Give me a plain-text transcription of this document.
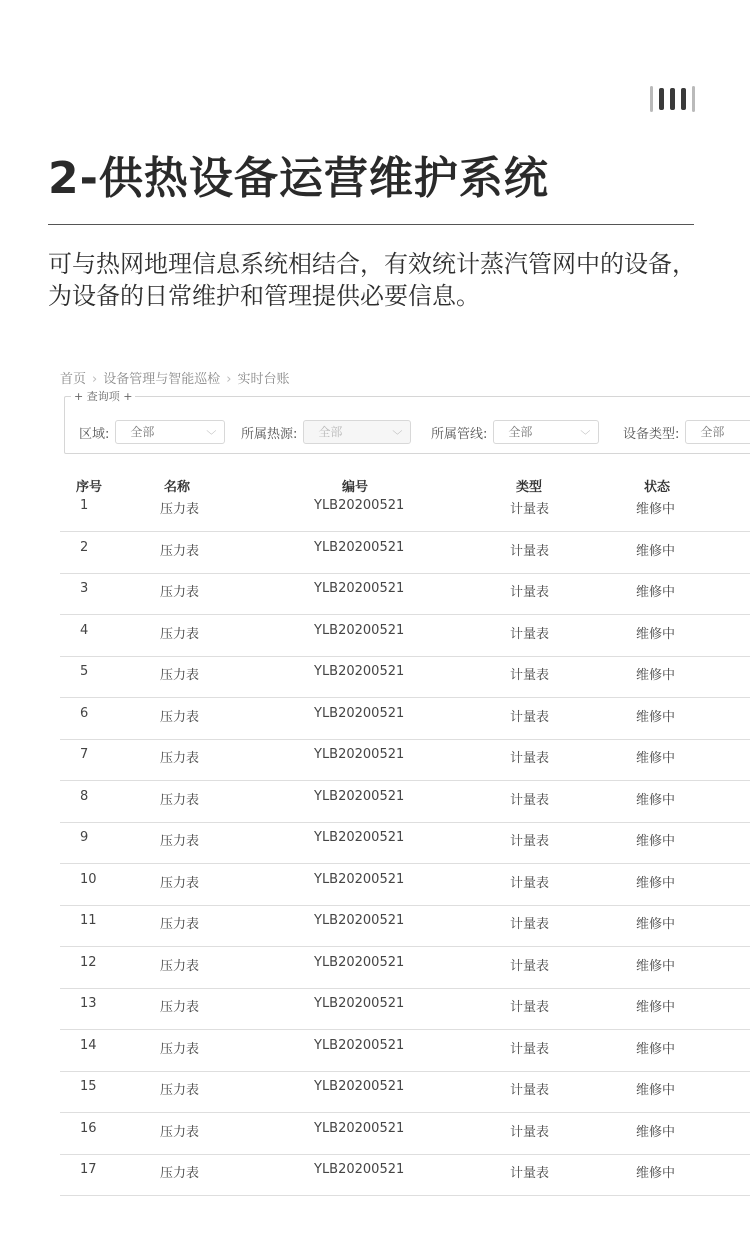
2-供热设备运营维护系统

可与热网地理信息系统相结合，有效统计蒸汽管网中的设备，为设备的日常维护和管理提供必要信息。

首页 › 设备管理与智能巡检 › 实时台账
+ 查询项 +
区域:	全部	﹀ 所属热源:	全部	﹀ 所属管线:	全部	﹀	设备类型:	全部
序号	名称	编号	类型	状态
1	压力表	YLB20200521	计量表	维修中
2	压力表	YLB20200521	计量表	维修中
3	压力表	YLB20200521	计量表	维修中
4	压力表	YLB20200521	计量表	维修中
5	压力表	YLB20200521	计量表	维修中
6	压力表	YLB20200521	计量表	维修中
7	压力表	YLB20200521	计量表	维修中
8	压力表	YLB20200521	计量表	维修中
9	压力表	YLB20200521	计量表	维修中
10	压力表	YLB20200521	计量表	维修中
11	压力表	YLB20200521	计量表	维修中
12	压力表	YLB20200521	计量表	维修中
13	压力表	YLB20200521	计量表	维修中
14	压力表	YLB20200521	计量表	维修中
15	压力表	YLB20200521	计量表	维修中
16	压力表	YLB20200521	计量表	维修中
17	压力表	YLB20200521	计量表	维修中
